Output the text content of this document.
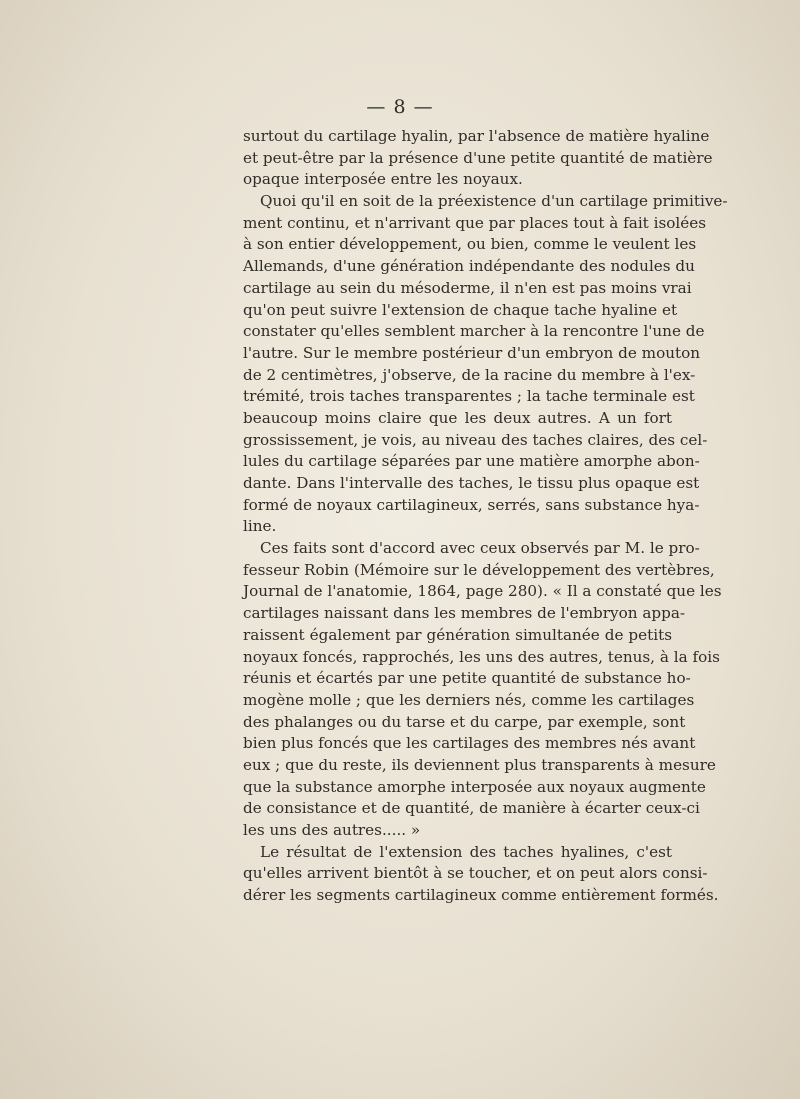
— 8 —
surtout du cartilage hyalin, par l'absence de matière hyaline
et peut-être par la présence d'une petite quantité de matière
opaque interposée entre les noyaux.
Quoi qu'il en soit de la préexistence d'un cartilage primitive-
ment continu, et n'arrivant que par places tout à fait isolées
à son entier développement, ou bien, comme le veulent les
Allemands, d'une génération indépendante des nodules du
cartilage au sein du mésoderme, il n'en est pas moins vrai
qu'on peut suivre l'extension de chaque tache hyaline et
constater qu'elles semblent marcher à la rencontre l'une de
l'autre. Sur le membre postérieur d'un embryon de mouton
de 2 centimètres, j'observe, de la racine du membre à l'ex-
trémité, trois taches transparentes ; la tache terminale est
beaucoup moins claire que les deux autres. A un fort
grossissement, je vois, au niveau des taches claires, des cel-
lules du cartilage séparées par une matière amorphe abon-
dante. Dans l'intervalle des taches, le tissu plus opaque est
formé de noyaux cartilagineux, serrés, sans substance hya-
line.
Ces faits sont d'accord avec ceux observés par M. le pro-
fesseur Robin (Mémoire sur le développement des vertèbres,
Journal de l'anatomie, 1864, page 280). « Il a constaté que les
cartilages naissant dans les membres de l'embryon appa-
raissent également par génération simultanée de petits
noyaux foncés, rapprochés, les uns des autres, tenus, à la fois
réunis et écartés par une petite quantité de substance ho-
mogène molle ; que les derniers nés, comme les cartilages
des phalanges ou du tarse et du carpe, par exemple, sont
bien plus foncés que les cartilages des membres nés avant
eux ; que du reste, ils deviennent plus transparents à mesure
que la substance amorphe interposée aux noyaux augmente
de consistance et de quantité, de manière à écarter ceux-ci
les uns des autres..... »
Le résultat de l'extension des taches hyalines, c'est
qu'elles arrivent bientôt à se toucher, et on peut alors consi-
dérer les segments cartilagineux comme entièrement formés.
